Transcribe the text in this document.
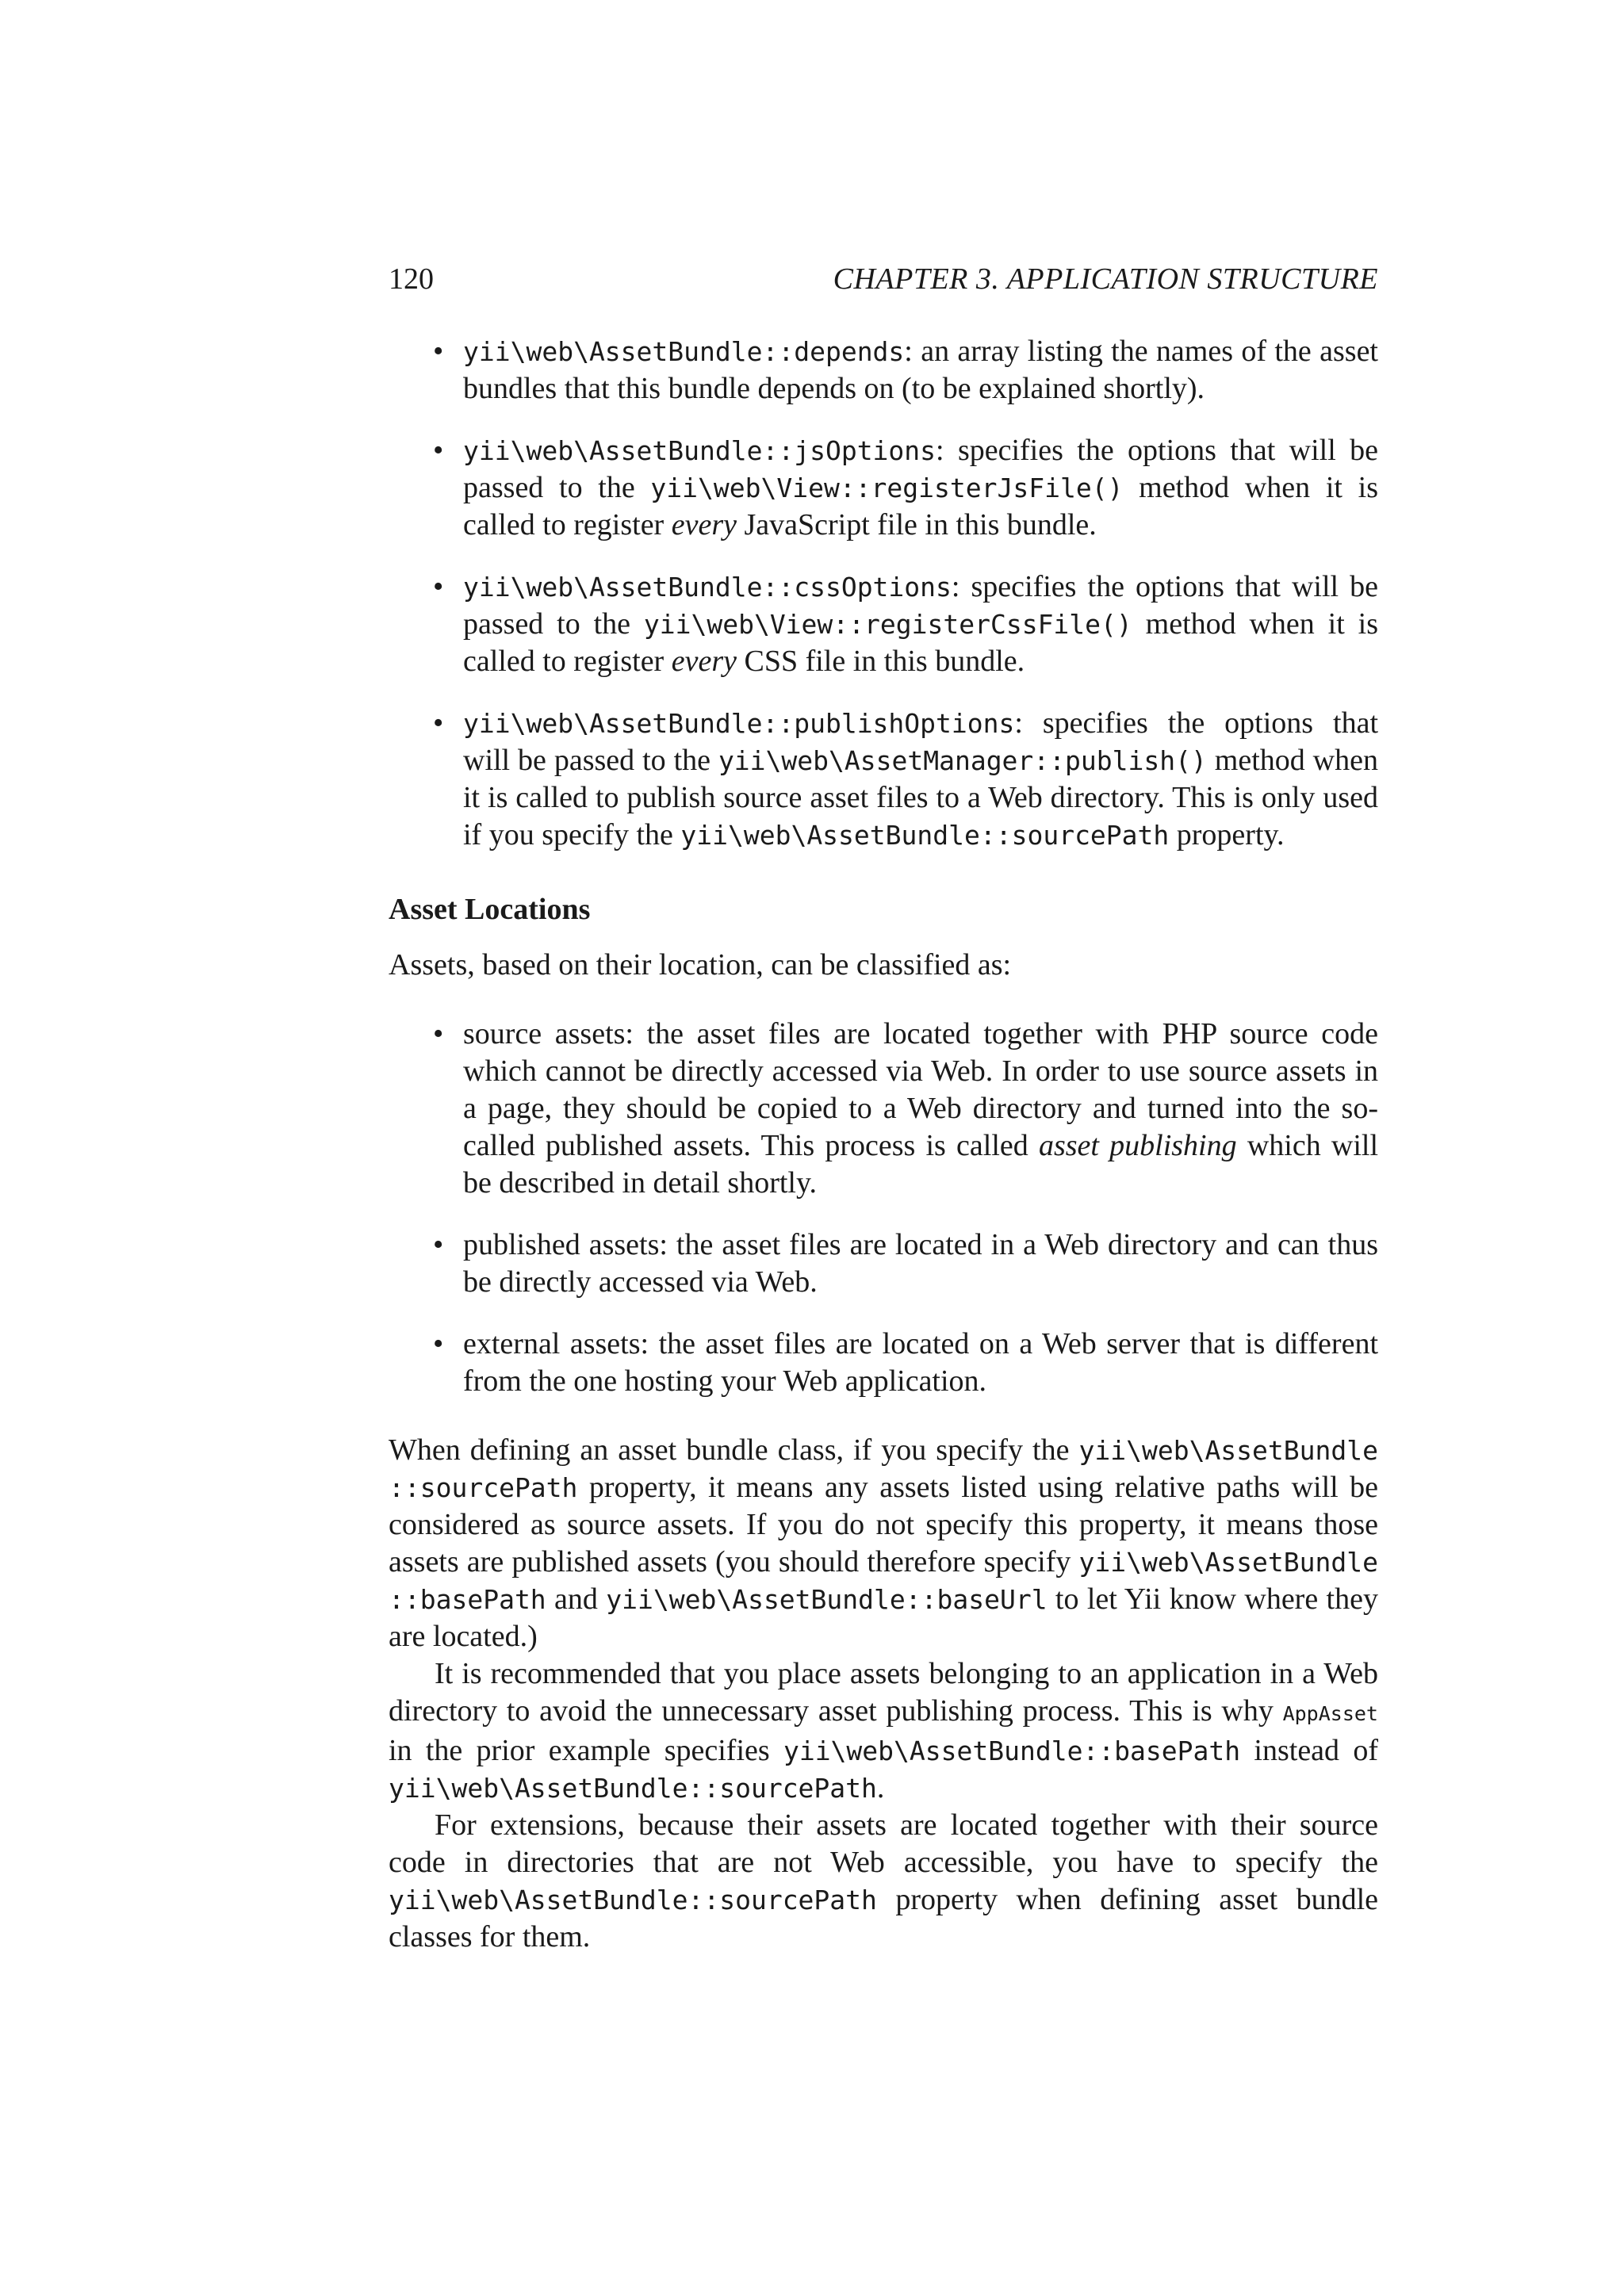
120	CHAPTER 3. APPLICATION STRUCTURE
• yii\web\AssetBundle::depends: an array listing the names of the asset bundles that this bundle depends on (to be explained shortly).
• yii\web\AssetBundle::jsOptions: specifies the options that will be passed to the yii\web\View::registerJsFile() method when it is called to register every JavaScript file in this bundle.
• yii\web\AssetBundle::cssOptions: specifies the options that will be passed to the yii\web\View::registerCssFile() method when it is called to register every CSS file in this bundle.
• yii\web\AssetBundle::publishOptions: specifies the options that will be passed to the yii\web\AssetManager::publish() method when it is called to publish source asset files to a Web directory. This is only used if you specify the yii\web\AssetBundle::sourcePath property.
Asset Locations

Assets, based on their location, can be classified as:

• source assets: the asset files are located together with PHP source code which cannot be directly accessed via Web. In order to use source assets in a page, they should be copied to a Web directory and turned into the so-called published assets. This process is called asset publishing which will be described in detail shortly.
• published assets: the asset files are located in a Web directory and can thus be directly accessed via Web.
• external assets: the asset files are located on a Web server that is different from the one hosting your Web application.

When defining an asset bundle class, if you specify the yii\web\AssetBundle ::sourcePath property, it means any assets listed using relative paths will be considered as source assets. If you do not specify this property, it means those assets are published assets (you should therefore specify yii\web\AssetBundle ::basePath and yii\web\AssetBundle::baseUrl to let Yii know where they are located.)

It is recommended that you place assets belonging to an application in a Web directory to avoid the unnecessary asset publishing process. This is why AppAsset in the prior example specifies yii\web\AssetBundle::basePath instead of yii\web\AssetBundle::sourcePath.

For extensions, because their assets are located together with their source code in directories that are not Web accessible, you have to specify the yii\web\AssetBundle::sourcePath property when defining asset bundle classes for them.
